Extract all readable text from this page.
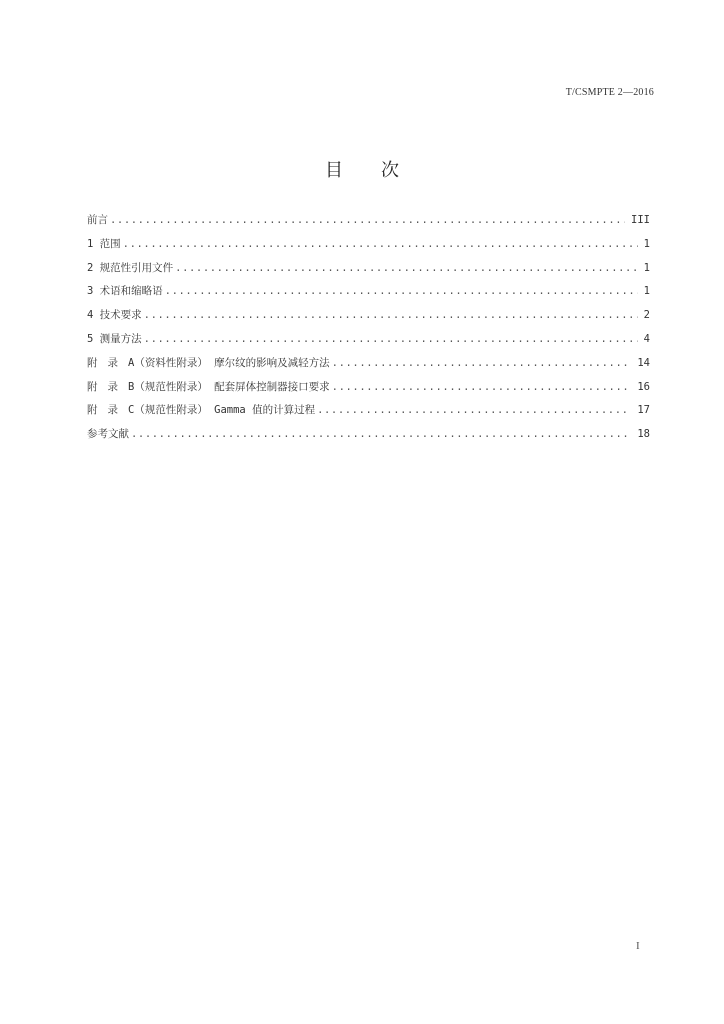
T/CSMPTE 2—2016
目 次
前言 .....	III
1 范围 .....	1
2 规范性引用文件 .....	1
3 术语和缩略语 .....	1
4 技术要求 .....	2
5 测量方法 .....	4
附 录 A（资料性附录） 摩尔纹的影响及减轻方法 .....	14
附 录 B（规范性附录） 配套屏体控制器接口要求 .....	16
附 录 C（规范性附录） Gamma 值的计算过程 .....	17
参考文献 .....	18
I
